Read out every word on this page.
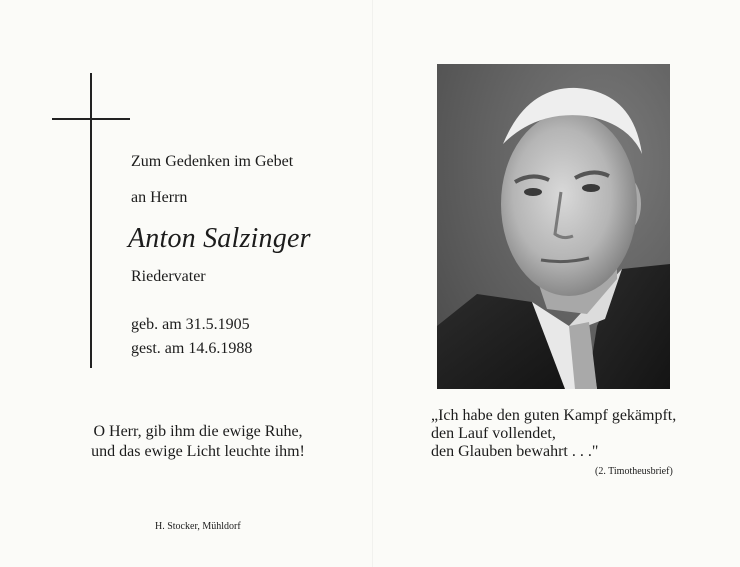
Zum Gedenken im Gebet
an Herrn
Anton Salzinger
Riedervater
geb. am 31.5.1905
gest. am 14.6.1988
O Herr, gib ihm die ewige Ruhe,
und das ewige Licht leuchte ihm!
H. Stocker, Mühldorf
„Ich habe den guten Kampf gekämpft,
den Lauf vollendet,
den Glauben bewahrt . . ."
(2. Timotheusbrief)
